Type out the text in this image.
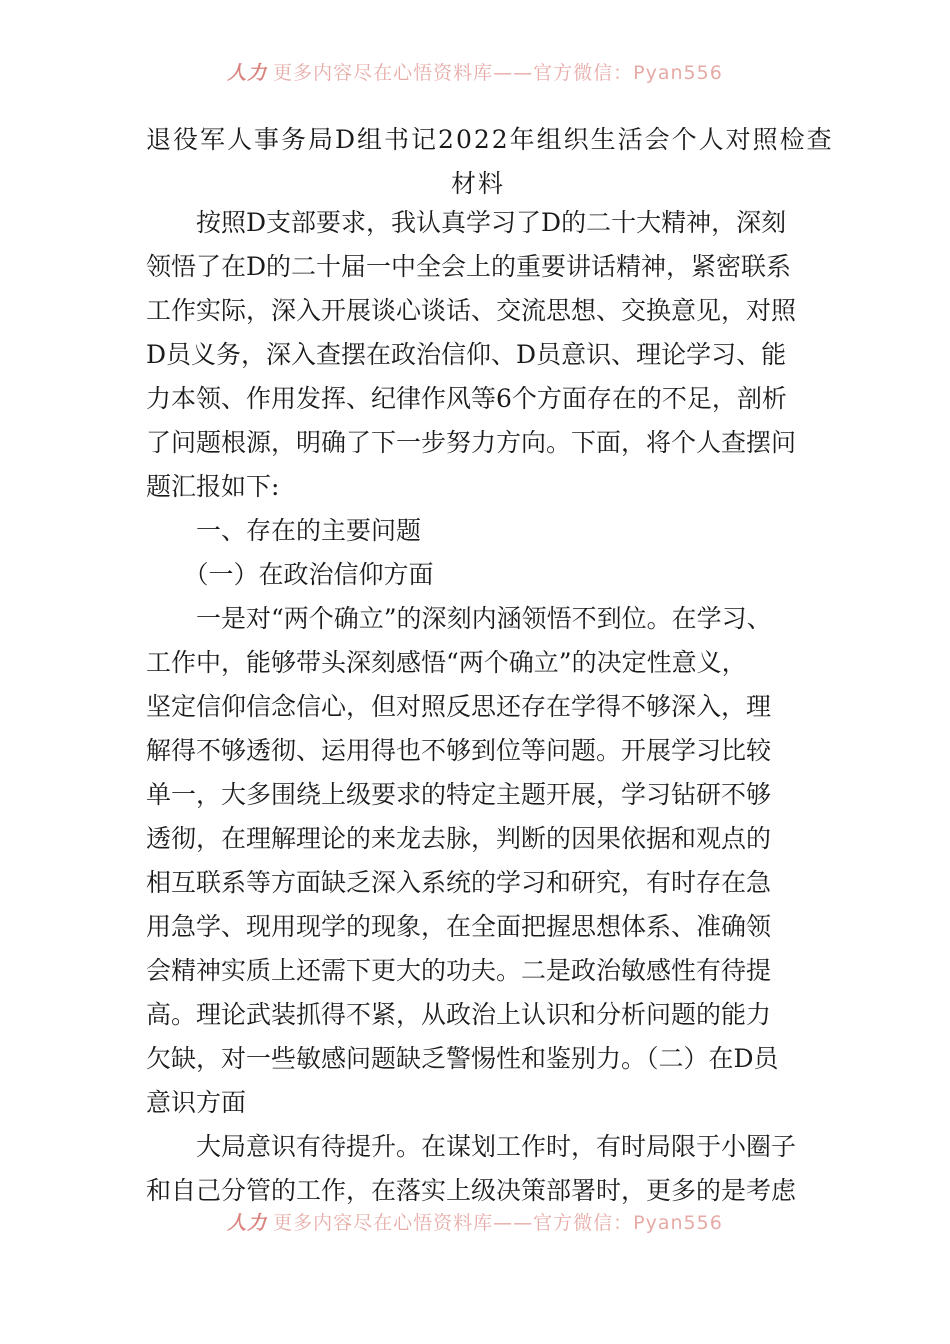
人力 更多内容尽在心悟资料库——官方微信：Pyan556
退役军人事务局D组书记2022年组织生活会个人对照检查
材料
　　按照D支部要求，我认真学习了D的二十大精神，深刻
领悟了在D的二十届一中全会上的重要讲话精神，紧密联系
工作实际，深入开展谈心谈话、交流思想、交换意见，对照
D员义务，深入查摆在政治信仰、D员意识、理论学习、能
力本领、作用发挥、纪律作风等6个方面存在的不足，剖析
了问题根源，明确了下一步努力方向。下面，将个人查摆问
题汇报如下:
　　一、存在的主要问题
　　（一）在政治信仰方面
　　一是对“两个确立”的深刻内涵领悟不到位。在学习、
工作中，能够带头深刻感悟“两个确立”的决定性意义，
坚定信仰信念信心，但对照反思还存在学得不够深入，理
解得不够透彻、运用得也不够到位等问题。开展学习比较
单一，大多围绕上级要求的特定主题开展，学习钻研不够
透彻，在理解理论的来龙去脉，判断的因果依据和观点的
相互联系等方面缺乏深入系统的学习和研究，有时存在急
用急学、现用现学的现象，在全面把握思想体系、准确领
会精神实质上还需下更大的功夫。二是政治敏感性有待提
高。理论武装抓得不紧，从政治上认识和分析问题的能力
欠缺，对一些敏感问题缺乏警惕性和鉴别力。（二）在D员
意识方面
　　大局意识有待提升。在谋划工作时，有时局限于小圈子
和自己分管的工作，在落实上级决策部署时，更多的是考虑
人力 更多内容尽在心悟资料库——官方微信：Pyan556
